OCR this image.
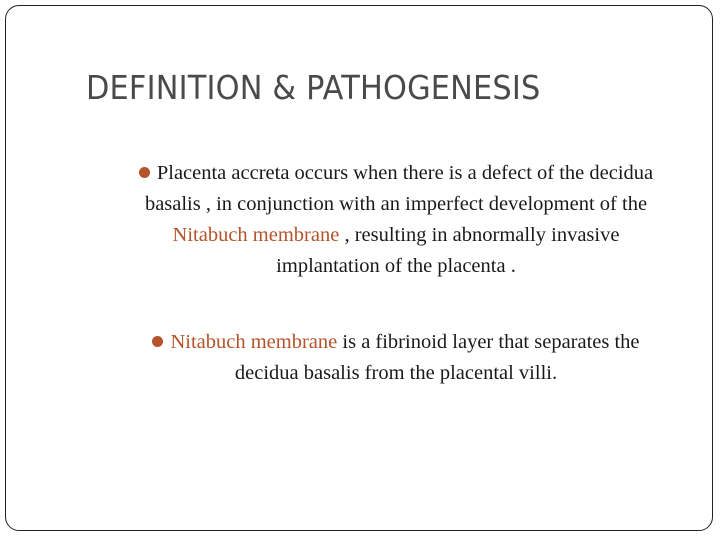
DEFINITION & PATHOGENESIS
Placenta accreta occurs when there is a defect of the decidua
basalis , in conjunction with an imperfect development of the
Nitabuch membrane , resulting in abnormally invasive
implantation of the placenta .
Nitabuch membrane is a fibrinoid layer that separates the
decidua basalis from the placental villi.
